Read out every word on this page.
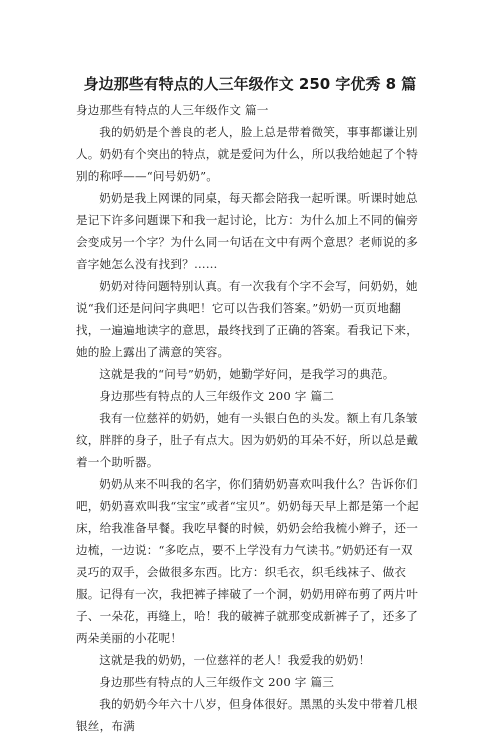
身边那些有特点的人三年级作文 250 字优秀 8 篇

身边那些有特点的人三年级作文 篇一

我的奶奶是个善良的老人，脸上总是带着微笑，事事都谦让别人。奶奶有个突出的特点，就是爱问为什么，所以我给她起了个特别的称呼——“问号奶奶”。

奶奶是我上网课的同桌，每天都会陪我一起听课。听课时她总是记下许多问题课下和我一起讨论，比方：为什么加上不同的偏旁会变成另一个字？为什么同一句话在文中有两个意思？老师说的多音字她怎么没有找到？……

奶奶对待问题特别认真。有一次我有个字不会写，问奶奶，她说“我们还是问问字典吧！它可以告我们答案。”奶奶一页页地翻找，一遍遍地读字的意思，最终找到了正确的答案。看我记下来，她的脸上露出了满意的笑容。

这就是我的“问号”奶奶，她勤学好问，是我学习的典范。

身边那些有特点的人三年级作文 200 字 篇二

我有一位慈祥的奶奶，她有一头银白色的头发。额上有几条皱纹，胖胖的身子，肚子有点大。因为奶奶的耳朵不好，所以总是戴着一个助听器。

奶奶从来不叫我的名字，你们猜奶奶喜欢叫我什么？告诉你们吧，奶奶喜欢叫我“宝宝”或者“宝贝”。奶奶每天早上都是第一个起床，给我准备早餐。我吃早餐的时候，奶奶会给我梳小辫子，还一边梳，一边说：“多吃点，要不上学没有力气读书。”奶奶还有一双灵巧的双手，会做很多东西。比方：织毛衣，织毛线袜子、做衣服。记得有一次，我把裤子摔破了一个洞，奶奶用碎布剪了两片叶子、一朵花，再缝上，哈！我的破裤子就那变成新裤子了，还多了两朵美丽的小花呢！

这就是我的奶奶，一位慈祥的老人！我爱我的奶奶！

身边那些有特点的人三年级作文 200 字 篇三

我的奶奶今年六十八岁，但身体很好。黑黑的头发中带着几根银丝，布满
